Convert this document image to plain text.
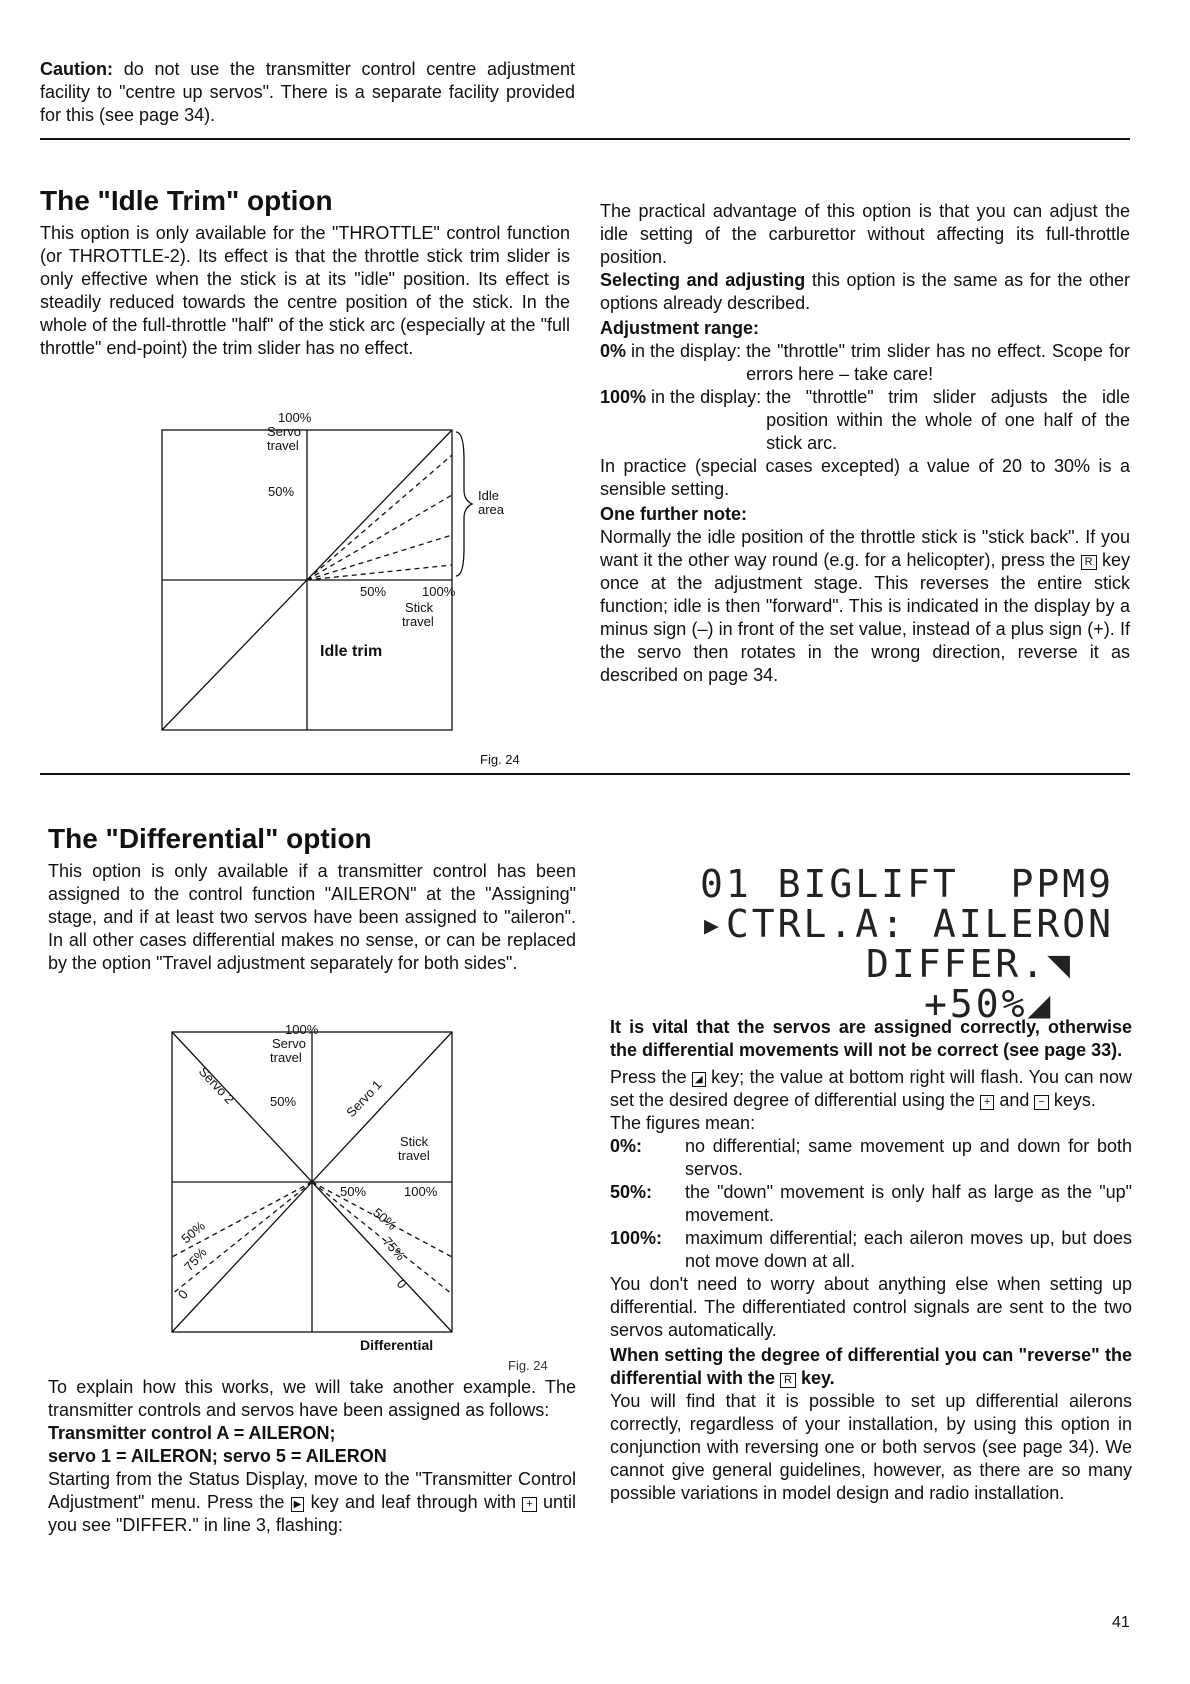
Caution: do not use the transmitter control centre adjustment facility to "centre up servos". There is a separate facility provided for this (see page 34).
The "Idle Trim" option
This option is only available for the "THROTTLE" control function (or THROTTLE-2). Its effect is that the throttle stick trim slider is only effective when the stick is at its "idle" position. Its effect is steadily reduced towards the centre position of the stick. In the whole of the full-throttle "half" of the stick arc (especially at the "full throttle" end-point) the trim slider has no effect.
100%
Servo
travel
50%	Idle
area
50%	100%
Stick
travel
Idle trim
Fig. 24

The practical advantage of this option is that you can adjust the idle setting of the carburettor without affecting its full-throttle position.

Selecting and adjusting this option is the same as for the other options already described.

Adjustment range:

0% in the display: the "throttle" trim slider has no effect. Scope for errors here – take care!
100% in the display: the "throttle" trim slider adjusts the idle position within the whole of one half of the stick arc.

In practice (special cases excepted) a value of 20 to 30% is a sensible setting.

One further note:

Normally the idle position of the throttle stick is "stick back". If you want it the other way round (e.g. for a helicopter), press the R key once at the adjustment stage. This reverses the entire stick function; idle is then "forward". This is indicated in the display by a minus sign (–) in front of the set value, instead of a plus sign (+). If the servo then rotates in the wrong direction, reverse it as described on page 34.

The "Differential" option
This option is only available if a transmitter control has been assigned to the control function "AILERON" at the "Assigning" stage, and if at least two servos have been assigned to "aileron". In all other cases differential makes no sense, or can be replaced by the option "Travel adjustment separately for both sides".
100%
Servo
travel
50%	Servo 1
Servo 2
Stick
travel
50%	100%
50%
75%
0
50%
75%
0
Differential
Fig. 24

To explain how this works, we will take another example. The transmitter controls and servos have been assigned as follows:

Transmitter control A = AILERON;

servo 1 = AILERON; servo 5 = AILERON

Starting from the Status Display, move to the "Transmitter Control Adjustment" menu. Press the ▶ key and leaf through with + until you see "DIFFER." in line 3, flashing:

01 BIGLIFT  PPM9
▸CTRL.A: AILERON
DIFFER.◥
+50%◢

It is vital that the servos are assigned correctly, otherwise the differential movements will not be correct (see page 33).

Press the ◢ key; the value at bottom right will flash. You can now set the desired degree of differential using the + and − keys.

The figures mean:

0%:	no differential; same movement up and down for both servos.
50%:	the "down" movement is only half as large as the "up" movement.
100%:	maximum differential; each aileron moves up, but does not move down at all.

You don't need to worry about anything else when setting up differential. The differentiated control signals are sent to the two servos automatically.

When setting the degree of differential you can "reverse" the differential with the R key.

You will find that it is possible to set up differential ailerons correctly, regardless of your installation, by using this option in conjunction with reversing one or both servos (see page 34). We cannot give general guidelines, however, as there are so many possible variations in model design and radio installation.

41
